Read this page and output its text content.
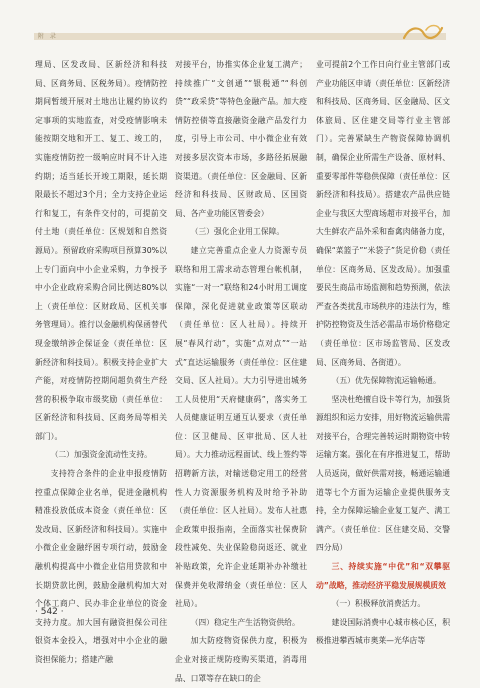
附 录

理局、区发改局、区新经济和科技局、区商务局、区税务局）。疫情防控期间暂缓开展对土地出让履约协议约定事项的实地监查，对受疫情影响未能按期交地和开工、复工、竣工的，实施疫情防控一级响应时间不计入违约期；适当延长开竣工期限，延长期限最长不超过3个月；全力支持企业运行和复工，有条件交付的，可提前交付土地（责任单位：区规划和自然资源局）。预留政府采购项目预算30%以上专门面向中小企业采购，力争授予中小企业政府采购合同比例达80%以上（责任单位：区财政局、区机关事务管理局）。推行以金融机构保函替代现金缴纳涉企保证金（责任单位：区新经济和科技局）。积极支持企业扩大产能，对疫情防控期间超负荷生产经营的积极争取市级奖励（责任单位：区新经济和科技局、区商务局等相关部门）。

（二）加强资金流动性支持。

支持符合条件的企业申报疫情防控重点保障企业名单，促进金融机构精准投放低成本资金（责任单位：区发改局、区新经济和科技局）。实施中小微企业金融纾困专项行动，鼓励金融机构提高中小微企业信用贷款和中长期贷款比例，鼓励金融机构加大对个体工商户、民办非企业单位的资金支持力度。加大国有融资担保公司往银资本金投入，增强对中小企业的融资担保能力；搭建产融

对接平台，协推实体企业复工满产；持续推广“文创通”“银税通”“科创贷”“政采贷”等特色金融产品。加大疫情防控债等直接融资金融产品发行力度，引导上市公司、中小微企业有效对接多层次资本市场，多路径拓展融资渠道。（责任单位：区金融局、区新经济和科技局、区财政局、区国资局、各产业功能区管委会）

（三）强化企业用工保障。

建立完善重点企业人力资源专员联络和用工需求动态管理台帐机制，实施“一对一”联络和24小时用工调度保障，深化促进就业政策等区联动（责任单位：区人社局）。持续开展“春风行动”，实施“点对点”“一站式”直达运输服务（责任单位：区住建交局、区人社局）。大力引导进出城务工人员使用“天府健康码”，落实务工人员健康证明互通互认要求（责任单位：区卫健局、区审批局、区人社局）。大力推动远程面试、线上签约等招聘新方法，对输送稳定用工的经营性人力资源服务机构及时给予补助（责任单位：区人社局）。发布人社惠企政策申报指南，全面落实社保费阶段性减免、失业保险稳岗返还、就业补贴政策，允许企业延期补办补缴社保费并免收滞纳金（责任单位：区人社局）。

（四）稳定生产生活物资供给。

加大防疫物资保供力度，积极为企业对接正规防疫购买渠道，消毒用品、口罩等存在缺口的企

业可提前2个工作日向行业主管部门或产业功能区申请（责任单位：区新经济和科技局、区商务局、区金融局、区文体旅局、区住建交局等行业主管部门）。完善紧缺生产物资保障协调机制，确保企业所需生产设备、原材料、重要零部件等稳供保障（责任单位：区新经济和科技局）。搭建农产品供应链企业与我区大型商场超市对接平台，加大生鲜农产品外采和畜禽肉储备力度，确保“菜篮子”“米袋子”货足价稳（责任单位：区商务局、区发改局）。加强重要民生商品市场监测和趋势预测，依法严查各类扰乱市场秩序的违法行为，维护防控物资及生活必需品市场价格稳定（责任单位：区市场监管局、区发改局、区商务局、各街道）。

（五）优先保障物流运输畅通。

坚决杜绝擅自设卡等行为，加强货源组织和运力安排，用好物流运输供需对接平台，合理完善转运时期物资中转运输方案。强化在有序推进复工，帮助人员返岗，做好供需对接，畅通运输通道等七个方面为运输企业提供服务支持，全力保障运输企业复工复产、满工满产。（责任单位：区住建交局、交警四分局）

三、持续实施“中优”和“双攀驱动”战略，推动经济平稳发展规模质效

（一）积极释放消费活力。

建设国际消费中心城市核心区，积极推进攀西城市奥莱—光华店等

· 542 ·
